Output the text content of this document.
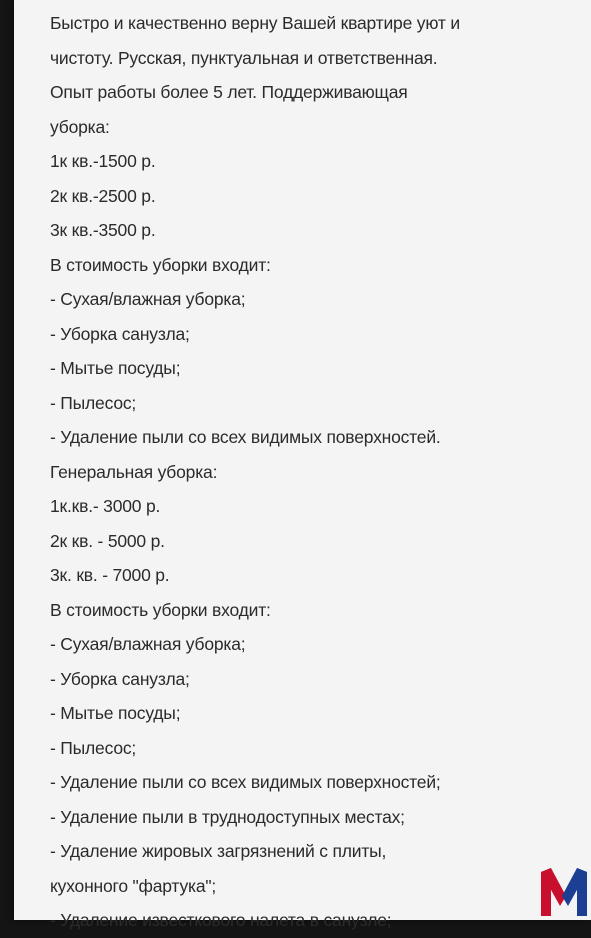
Быстро и качественно верну Вашей квартире уют и
чистоту. Русская, пунктуальная и ответственная.
Опыт работы более 5 лет. Поддерживающая
уборка:
1к кв.-1500 р.
2к кв.-2500 р.
3к кв.-3500 р.
В стоимость уборки входит:
- Сухая/влажная уборка;
- Уборка санузла;
- Мытье посуды;
- Пылесос;
- Удаление пыли со всех видимых поверхностей.
Генеральная уборка:
1к.кв.- 3000 р.
2к кв. - 5000 р.
3к. кв. - 7000 р.
В стоимость уборки входит:
- Сухая/влажная уборка;
- Уборка санузла;
- Мытье посуды;
- Пылесос;
- Удаление пыли со всех видимых поверхностей;
- Удаление пыли в труднодоступных местах;
- Удаление жировых загрязнений с плиты,
кухонного "фартука";
- Удаление известкового налета в санузле;
